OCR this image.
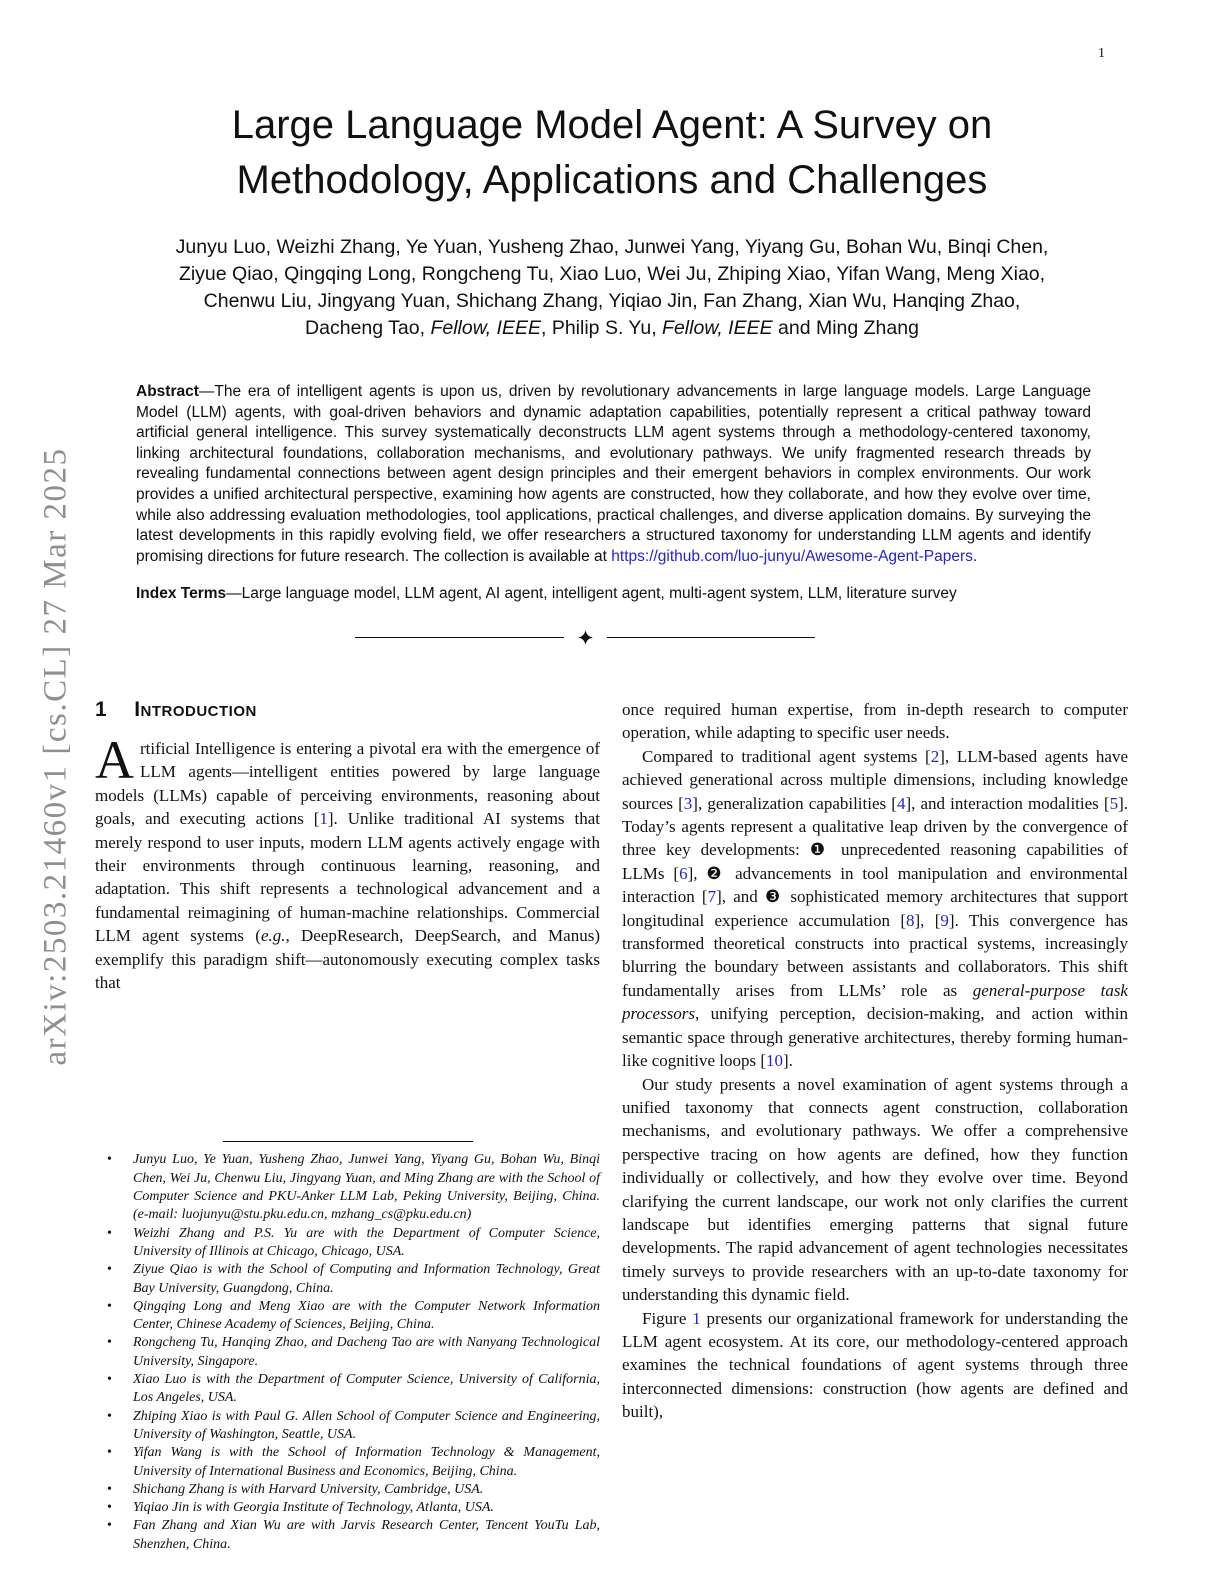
1
arXiv:2503.21460v1 [cs.CL] 27 Mar 2025
Large Language Model Agent: A Survey on Methodology, Applications and Challenges
Junyu Luo, Weizhi Zhang, Ye Yuan, Yusheng Zhao, Junwei Yang, Yiyang Gu, Bohan Wu, Binqi Chen,
Ziyue Qiao, Qingqing Long, Rongcheng Tu, Xiao Luo, Wei Ju, Zhiping Xiao, Yifan Wang, Meng Xiao,
Chenwu Liu, Jingyang Yuan, Shichang Zhang, Yiqiao Jin, Fan Zhang, Xian Wu, Hanqing Zhao,
Dacheng Tao, Fellow, IEEE, Philip S. Yu, Fellow, IEEE and Ming Zhang

Abstract—The era of intelligent agents is upon us, driven by revolutionary advancements in large language models. Large Language Model (LLM) agents, with goal-driven behaviors and dynamic adaptation capabilities, potentially represent a critical pathway toward artificial general intelligence. This survey systematically deconstructs LLM agent systems through a methodology-centered taxonomy, linking architectural foundations, collaboration mechanisms, and evolutionary pathways. We unify fragmented research threads by revealing fundamental connections between agent design principles and their emergent behaviors in complex environments. Our work provides a unified architectural perspective, examining how agents are constructed, how they collaborate, and how they evolve over time, while also addressing evaluation methodologies, tool applications, practical challenges, and diverse application domains. By surveying the latest developments in this rapidly evolving field, we offer researchers a structured taxonomy for understanding LLM agents and identify promising directions for future research. The collection is available at https://github.com/luo-junyu/Awesome-Agent-Papers.

Index Terms—Large language model, LLM agent, AI agent, intelligent agent, multi-agent system, LLM, literature survey

1 Introduction

Artificial Intelligence is entering a pivotal era with the emergence of LLM agents—intelligent entities powered by large language models (LLMs) capable of perceiving environments, reasoning about goals, and executing actions [1]. Unlike traditional AI systems that merely respond to user inputs, modern LLM agents actively engage with their environments through continuous learning, reasoning, and adaptation. This shift represents a technological advancement and a fundamental reimagining of human-machine relationships. Commercial LLM agent systems (e.g., DeepResearch, DeepSearch, and Manus) exemplify this paradigm shift—autonomously executing complex tasks that

• Junyu Luo, Ye Yuan, Yusheng Zhao, Junwei Yang, Yiyang Gu, Bohan Wu, Binqi Chen, Wei Ju, Chenwu Liu, Jingyang Yuan, and Ming Zhang are with the School of Computer Science and PKU-Anker LLM Lab, Peking University, Beijing, China. (e-mail: luojunyu@stu.pku.edu.cn, mzhang_cs@pku.edu.cn)
• Weizhi Zhang and P.S. Yu are with the Department of Computer Science, University of Illinois at Chicago, Chicago, USA.
• Ziyue Qiao is with the School of Computing and Information Technology, Great Bay University, Guangdong, China.
• Qingqing Long and Meng Xiao are with the Computer Network Information Center, Chinese Academy of Sciences, Beijing, China.
• Rongcheng Tu, Hanqing Zhao, and Dacheng Tao are with Nanyang Technological University, Singapore.
• Xiao Luo is with the Department of Computer Science, University of California, Los Angeles, USA.
• Zhiping Xiao is with Paul G. Allen School of Computer Science and Engineering, University of Washington, Seattle, USA.
• Yifan Wang is with the School of Information Technology & Management, University of International Business and Economics, Beijing, China.
• Shichang Zhang is with Harvard University, Cambridge, USA.
• Yiqiao Jin is with Georgia Institute of Technology, Atlanta, USA.
• Fan Zhang and Xian Wu are with Jarvis Research Center, Tencent YouTu Lab, Shenzhen, China.

once required human expertise, from in-depth research to computer operation, while adapting to specific user needs.

Compared to traditional agent systems [2], LLM-based agents have achieved generational across multiple dimensions, including knowledge sources [3], generalization capabilities [4], and interaction modalities [5]. Today’s agents represent a qualitative leap driven by the convergence of three key developments: ❶ unprecedented reasoning capabilities of LLMs [6], ❷ advancements in tool manipulation and environmental interaction [7], and ❸ sophisticated memory architectures that support longitudinal experience accumulation [8], [9]. This convergence has transformed theoretical constructs into practical systems, increasingly blurring the boundary between assistants and collaborators. This shift fundamentally arises from LLMs’ role as general-purpose task processors, unifying perception, decision-making, and action within semantic space through generative architectures, thereby forming human-like cognitive loops [10].

Our study presents a novel examination of agent systems through a unified taxonomy that connects agent construction, collaboration mechanisms, and evolutionary pathways. We offer a comprehensive perspective tracing on how agents are defined, how they function individually or collectively, and how they evolve over time. Beyond clarifying the current landscape, our work not only clarifies the current landscape but identifies emerging patterns that signal future developments. The rapid advancement of agent technologies necessitates timely surveys to provide researchers with an up-to-date taxonomy for understanding this dynamic field.

Figure 1 presents our organizational framework for understanding the LLM agent ecosystem. At its core, our methodology-centered approach examines the technical foundations of agent systems through three interconnected dimensions: construction (how agents are defined and built),
